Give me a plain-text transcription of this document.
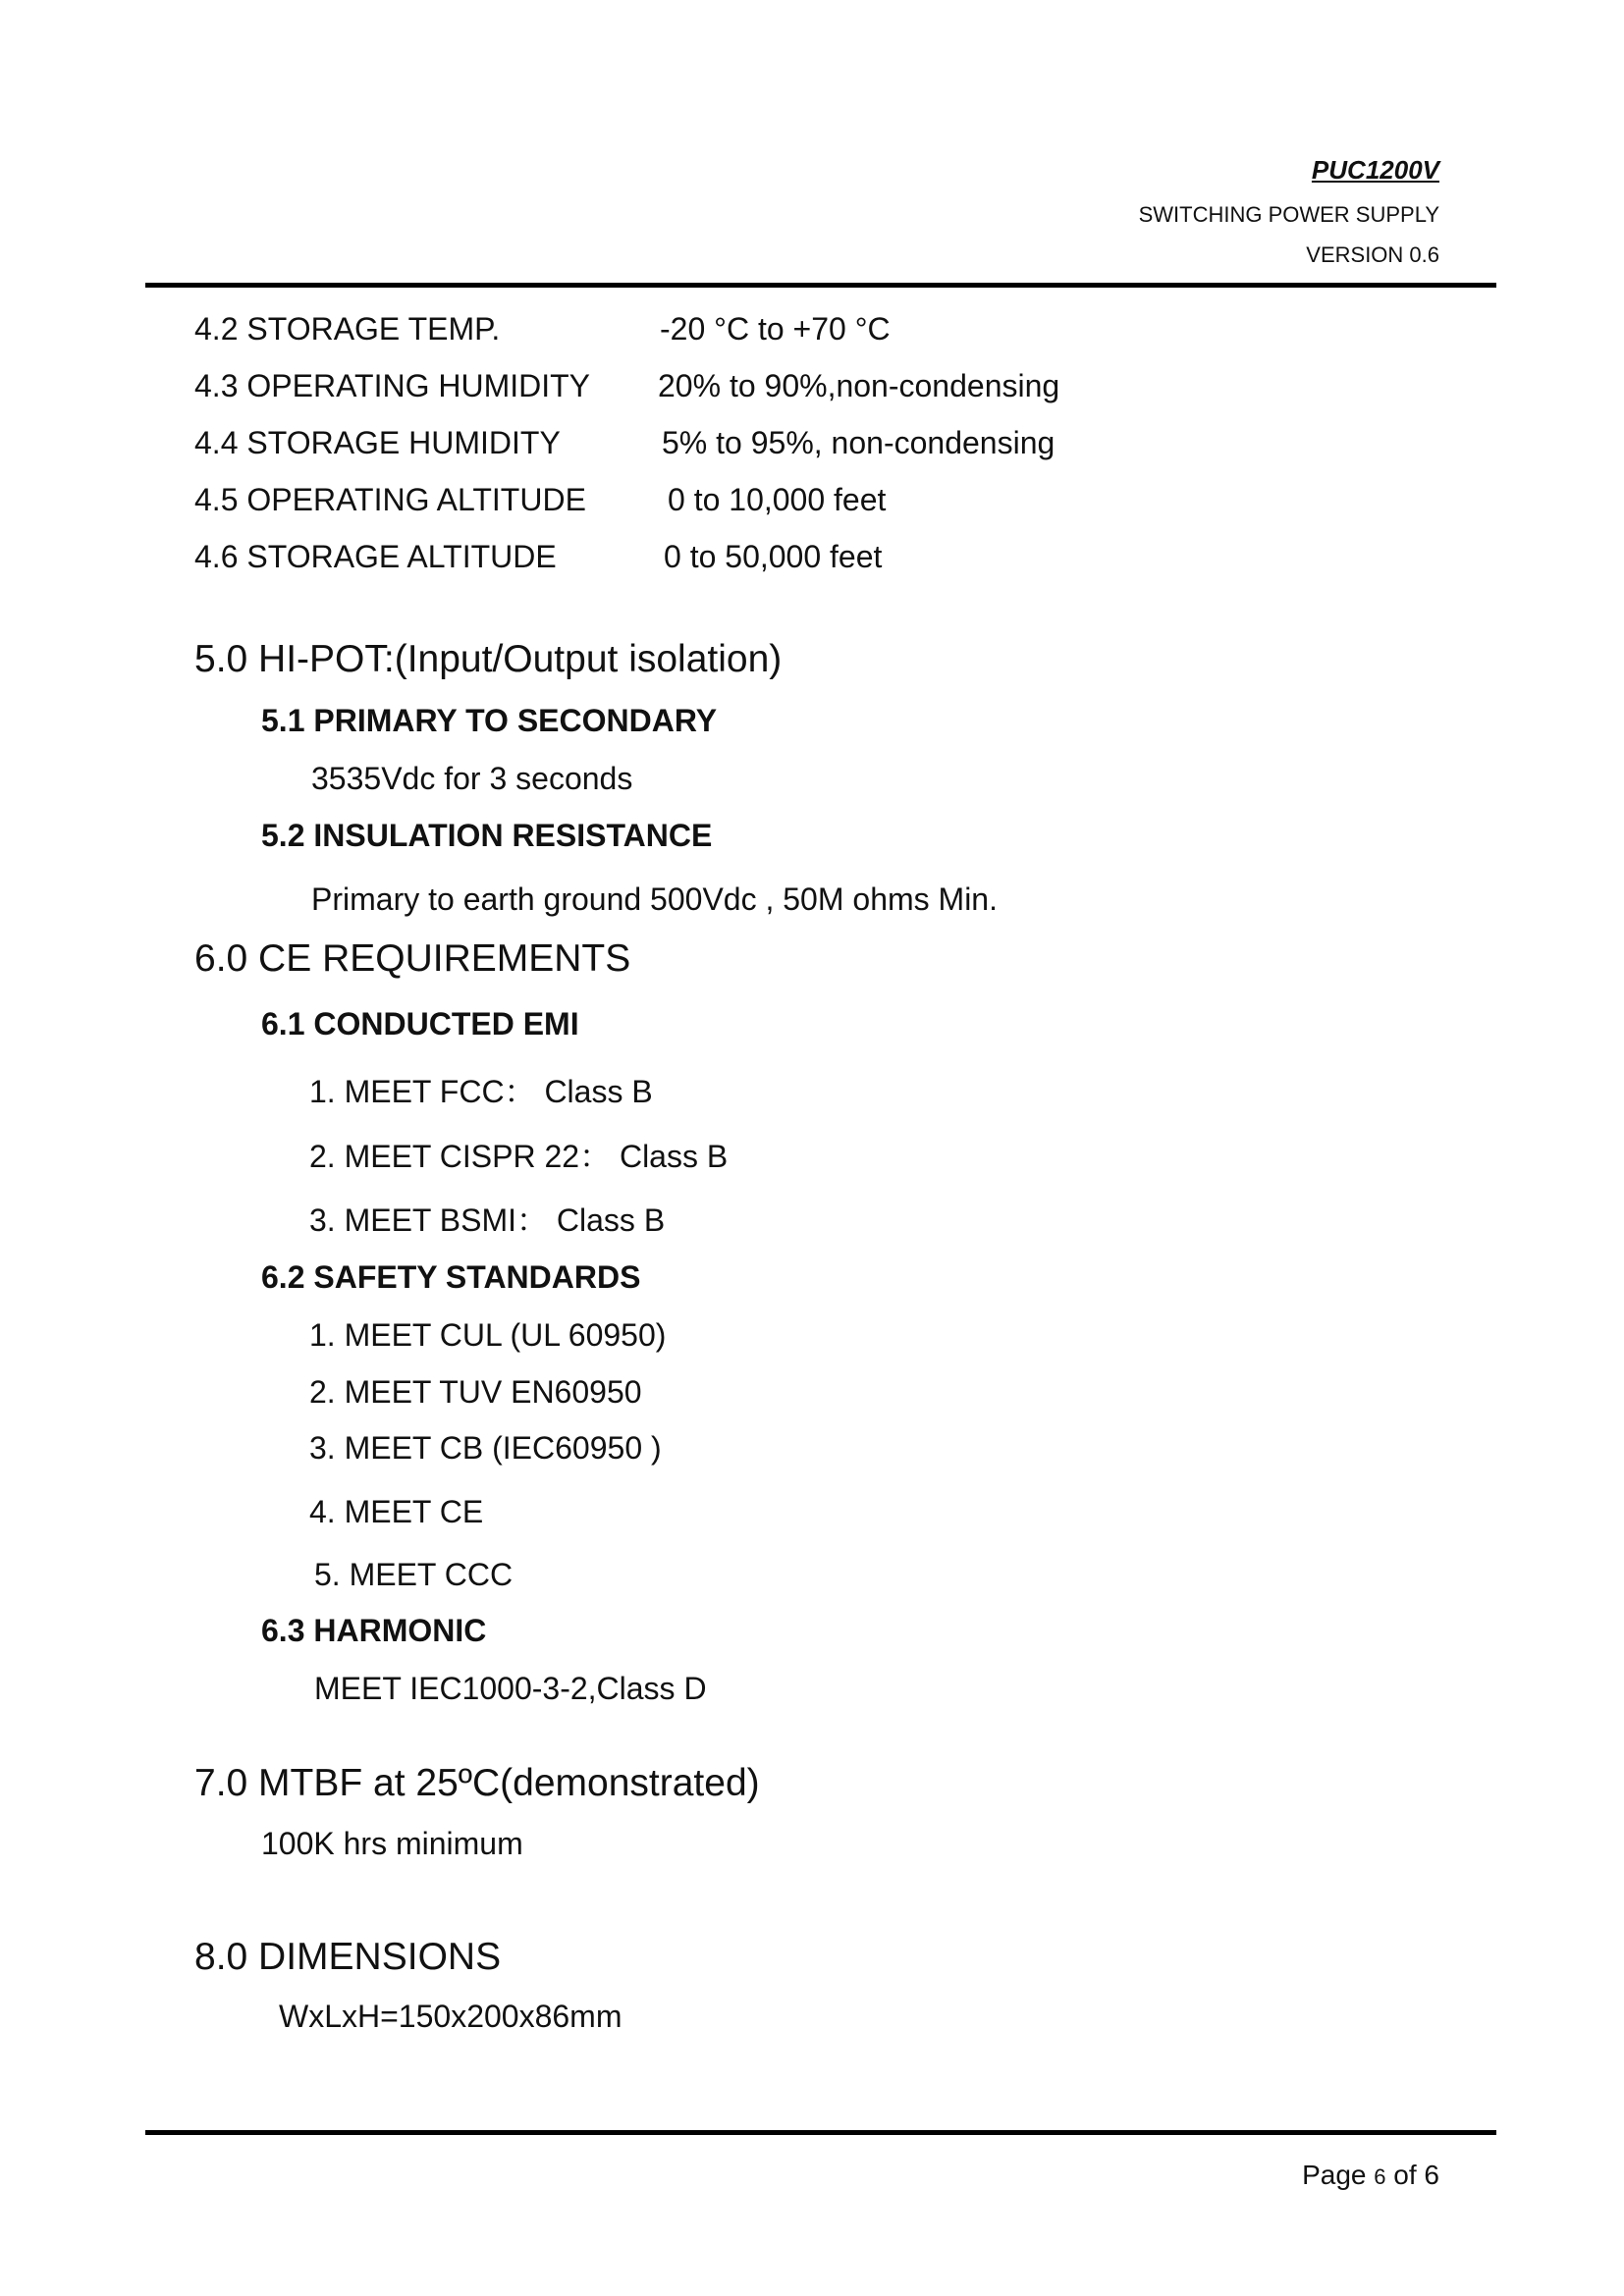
PUC1200V
SWITCHING POWER SUPPLY
VERSION 0.6
4.2 STORAGE TEMP.	-20 °C to +70 °C
4.3 OPERATING HUMIDITY 20% to 90%,non-condensing
4.4 STORAGE HUMIDITY	5% to 95%, non-condensing
4.5 OPERATING ALTITUDE	0 to 10,000 feet
4.6 STORAGE ALTITUDE	0 to 50,000 feet
5.0 HI-POT:(Input/Output isolation)
5.1 PRIMARY TO SECONDARY
3535Vdc for 3 seconds
5.2 INSULATION RESISTANCE
Primary to earth ground 500Vdc , 50M ohms Min.
6.0 CE REQUIREMENTS
6.1 CONDUCTED EMI
1. MEET FCC： Class B
2. MEET CISPR 22： Class B
3. MEET BSMI： Class B
6.2 SAFETY STANDARDS
1. MEET CUL (UL 60950)
2. MEET TUV EN60950
3. MEET CB (IEC60950 )
4. MEET CE
5. MEET CCC
6.3 HARMONIC
MEET IEC1000-3-2,Class D
7.0 MTBF at 25ºC(demonstrated)
100K hrs minimum
8.0 DIMENSIONS
WxLxH=150x200x86mm
Page 6 of 6
